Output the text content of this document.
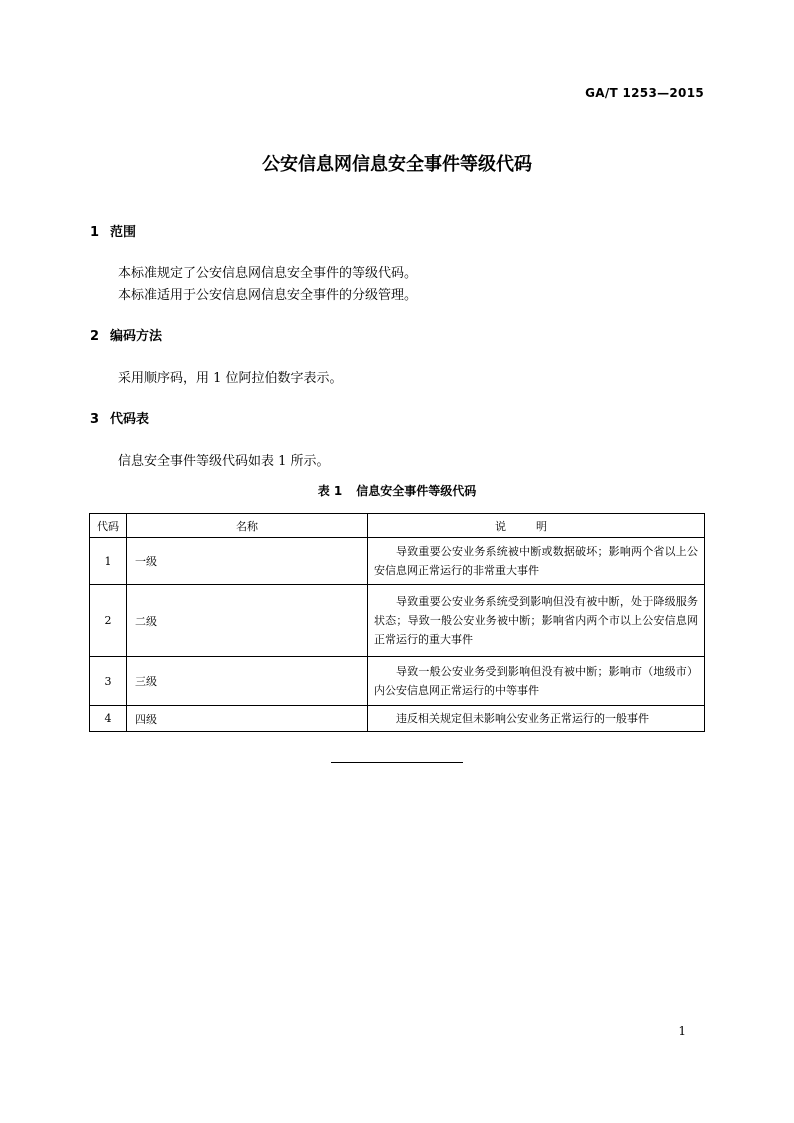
GA/T 1253—2015
公安信息网信息安全事件等级代码
1 范围
本标准规定了公安信息网信息安全事件的等级代码。
本标准适用于公安信息网信息安全事件的分级管理。
2 编码方法
采用顺序码，用 1 位阿拉伯数字表示。
3 代码表
信息安全事件等级代码如表 1 所示。
表 1 信息安全事件等级代码
代码	名称	说明
1	一级	导致重要公安业务系统被中断或数据破坏；影响两个省以上公安信息网正常运行的非常重大事件
2	二级	导致重要公安业务系统受到影响但没有被中断，处于降级服务状态；导致一般公安业务被中断；影响省内两个市以上公安信息网正常运行的重大事件
3	三级	导致一般公安业务受到影响但没有被中断；影响市（地级市）内公安信息网正常运行的中等事件
4	四级	违反相关规定但未影响公安业务正常运行的一般事件
1
